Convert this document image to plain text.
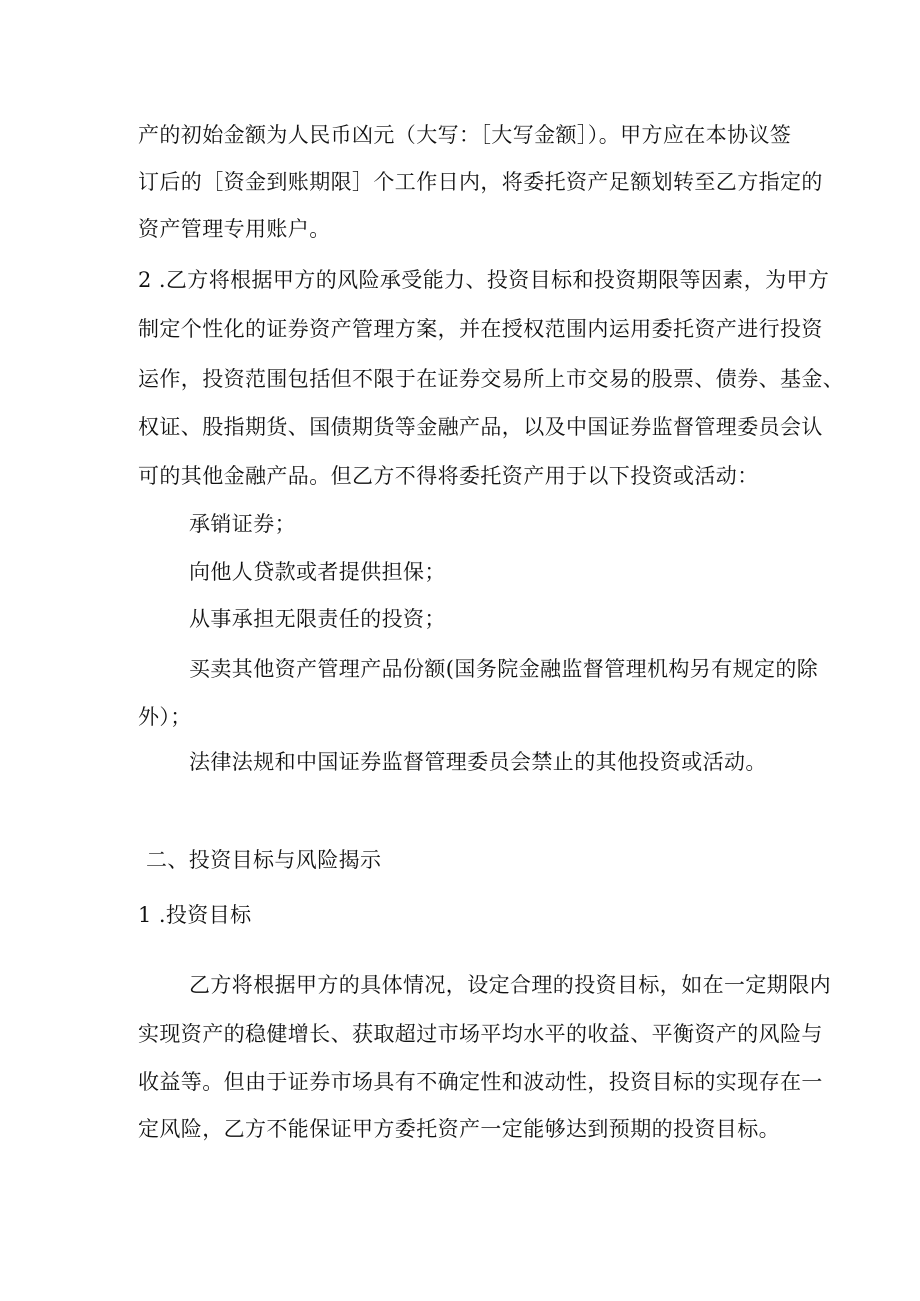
产的初始金额为人民币凶元（大写：［大写金额］）。甲方应在本协议签
订后的［资金到账期限］个工作日内，将委托资产足额划转至乙方指定的
资产管理专用账户。
2 .乙方将根据甲方的风险承受能力、投资目标和投资期限等因素，为甲方
制定个性化的证券资产管理方案，并在授权范围内运用委托资产进行投资
运作，投资范围包括但不限于在证券交易所上市交易的股票、债券、基金、
权证、股指期货、国债期货等金融产品，以及中国证券监督管理委员会认
可的其他金融产品。但乙方不得将委托资产用于以下投资或活动：
承销证券；
向他人贷款或者提供担保；
从事承担无限责任的投资；
买卖其他资产管理产品份额(国务院金融监督管理机构另有规定的除
外）；
法律法规和中国证券监督管理委员会禁止的其他投资或活动。
二、投资目标与风险揭示
1 .投资目标
乙方将根据甲方的具体情况，设定合理的投资目标，如在一定期限内
实现资产的稳健增长、获取超过市场平均水平的收益、平衡资产的风险与
收益等。但由于证券市场具有不确定性和波动性，投资目标的实现存在一
定风险，乙方不能保证甲方委托资产一定能够达到预期的投资目标。
